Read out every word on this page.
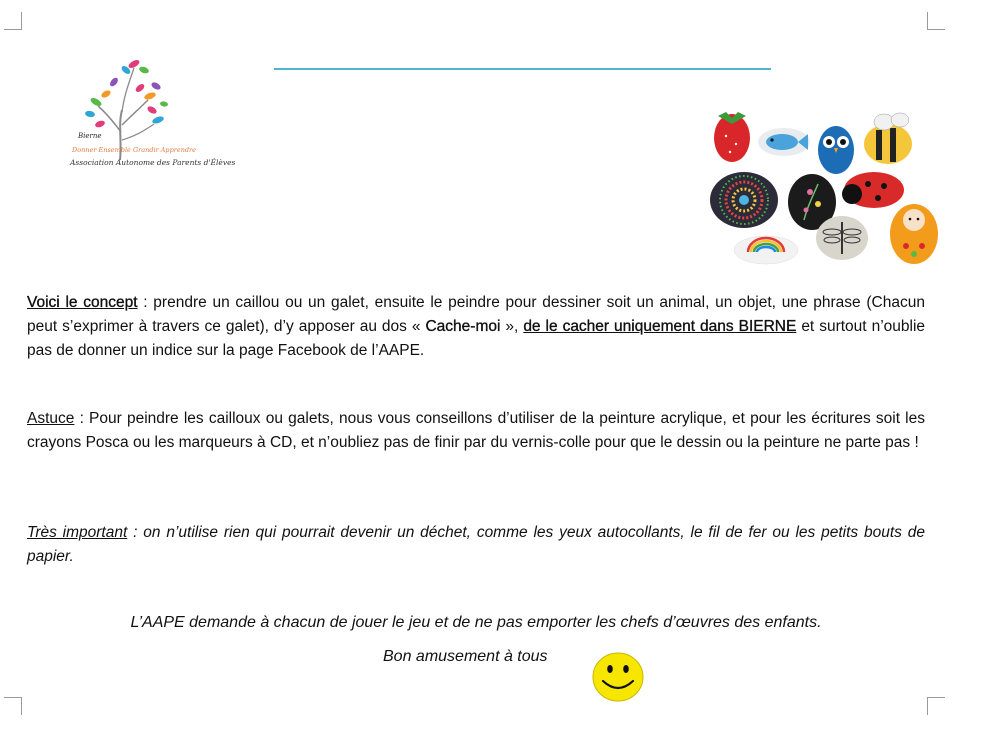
Bierne
Donner Ensemble Grandir Apprendre
Association Autonome des Parents d'Élèves

Voici le concept : prendre un caillou ou un galet, ensuite le peindre pour dessiner soit un animal, un objet, une phrase (Chacun peut s’exprimer à travers ce galet), d’y apposer au dos « Cache-moi », de le cacher uniquement dans BIERNE et surtout n’oublie pas de donner un indice sur la page Facebook de l’AAPE.

Astuce : Pour peindre les cailloux ou galets, nous vous conseillons d’utiliser de la peinture acrylique, et pour les écritures soit les crayons Posca ou les marqueurs à CD, et n’oubliez pas de finir par du vernis-colle pour que le dessin ou la peinture ne parte pas !

Très important : on n’utilise rien qui pourrait devenir un déchet, comme les yeux autocollants, le fil de fer ou les petits bouts de papier.

L’AAPE demande à chacun de jouer le jeu et de ne pas emporter les chefs d’œuvres des enfants.

Bon amusement à tous
